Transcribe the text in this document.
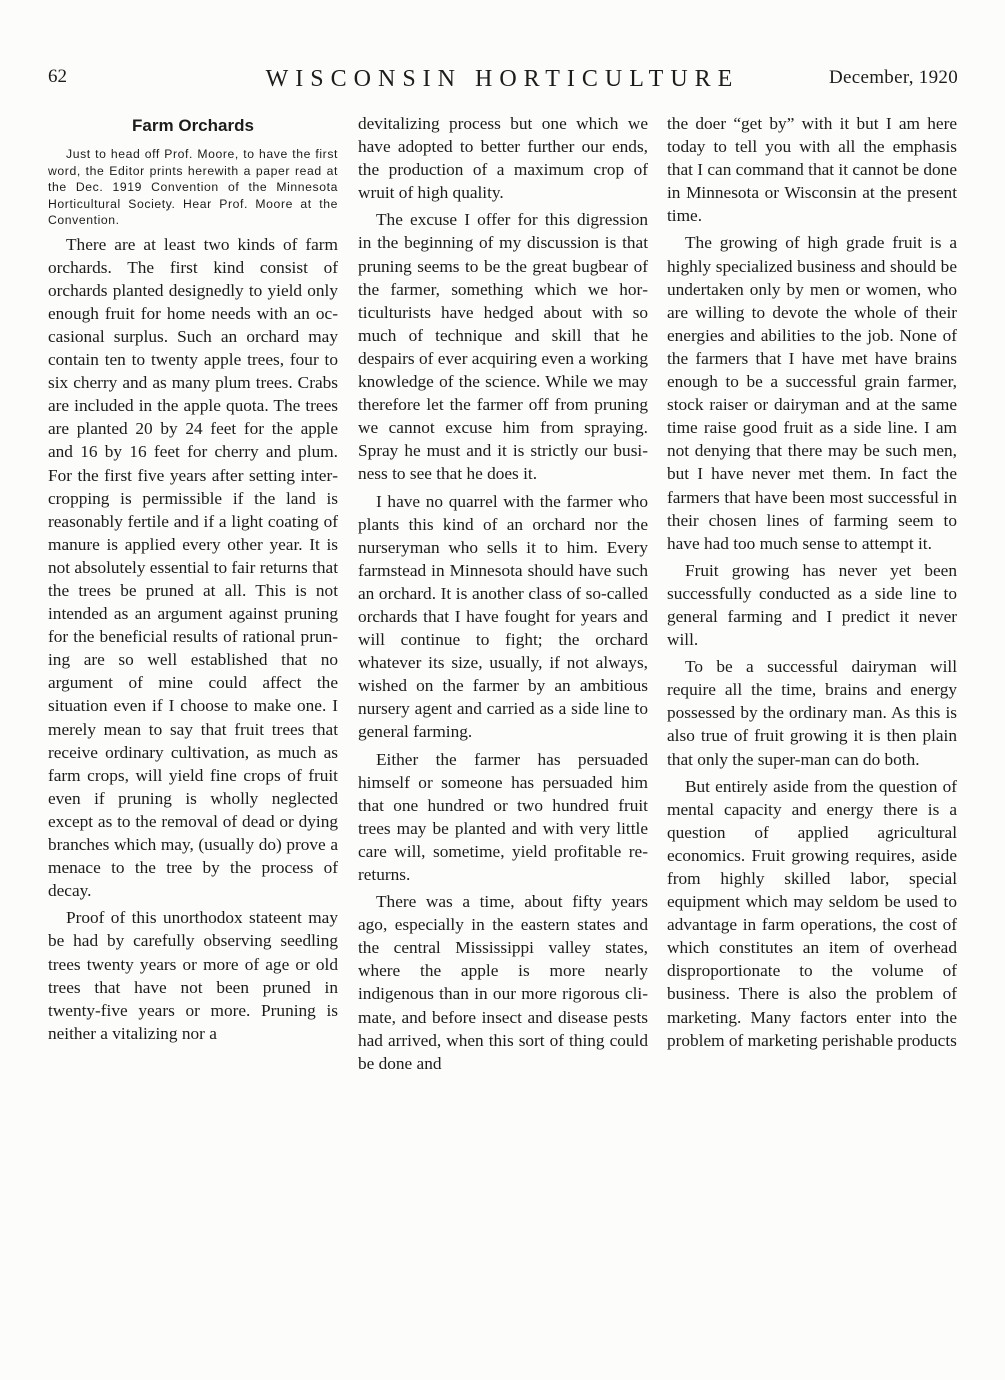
62	WISCONSIN HORTICULTURE	December, 1920
Farm Orchards

Just to head off Prof. Moore, to have the first word, the Editor prints herewith a paper read at the Dec. 1919 Convention of the Minnesota Horticultural Society. Hear Prof. Moore at the Convention.

There are at least two kinds of farm orchards. The first kind consist of orchards planted designedly to yield only enough fruit for home needs with an occasional surplus. Such an orchard may contain ten to twenty apple trees, four to six cherry and as many plum trees. Crabs are included in the apple quota. The trees are planted 20 by 24 feet for the apple and 16 by 16 feet for cherry and plum. For the first five years after setting intercropping is permissible if the land is reasonably fertile and if a light coating of manure is applied every other year. It is not absolutely essential to fair returns that the trees be pruned at all. This is not intended as an argument against pruning for the beneficial results of rational pruning are so well established that no argument of mine could affect the situation even if I choose to make one. I merely mean to say that fruit trees that receive ordinary cultivation, as much as farm crops, will yield fine crops of fruit even if pruning is wholly neglected except as to the removal of dead or dying branches which may, (usually do) prove a menace to the tree by the process of decay.

Proof of this unorthodox stateent may be had by carefully observing seedling trees twenty years or more of age or old trees that have not been pruned in twenty-five years or more. Pruning is neither a vitalizing nor a

devitalizing process but one which we have adopted to better further our ends, the production of a maximum crop of wruit of high quality.

The excuse I offer for this digression in the beginning of my discussion is that pruning seems to be the great bugbear of the farmer, something which we horticulturists have hedged about with so much of technique and skill that he despairs of ever acquiring even a working knowledge of the science. While we may therefore let the farmer off from pruning we cannot excuse him from spraying. Spray he must and it is strictly our business to see that he does it.

I have no quarrel with the farmer who plants this kind of an orchard nor the nurseryman who sells it to him. Every farmstead in Minnesota should have such an orchard. It is another class of so-called orchards that I have fought for years and will continue to fight; the orchard whatever its size, usually, if not always, wished on the farmer by an ambitious nursery agent and carried as a side line to general farming.

Either the farmer has persuaded himself or someone has persuaded him that one hundred or two hundred fruit trees may be planted and with very little care will, sometime, yield profitable rereturns.

There was a time, about fifty years ago, especially in the eastern states and the central Mississippi valley states, where the apple is more nearly indigenous than in our more rigorous climate, and before insect and disease pests had arrived, when this sort of thing could be done and

the doer “get by” with it but I am here today to tell you with all the emphasis that I can command that it cannot be done in Minnesota or Wisconsin at the present time.

The growing of high grade fruit is a highly specialized business and should be undertaken only by men or women, who are willing to devote the whole of their energies and abilities to the job. None of the farmers that I have met have brains enough to be a successful grain farmer, stock raiser or dairyman and at the same time raise good fruit as a side line. I am not denying that there may be such men, but I have never met them. In fact the farmers that have been most successful in their chosen lines of farming seem to have had too much sense to attempt it.

Fruit growing has never yet been successfully conducted as a side line to general farming and I predict it never will.

To be a successful dairyman will require all the time, brains and energy possessed by the ordinary man. As this is also true of fruit growing it is then plain that only the super-man can do both.

But entirely aside from the question of mental capacity and energy there is a question of applied agricultural economics. Fruit growing requires, aside from highly skilled labor, special equipment which may seldom be used to advantage in farm operations, the cost of which constitutes an item of overhead disproportionate to the volume of business. There is also the problem of marketing. Many factors enter into the problem of marketing perishable products
